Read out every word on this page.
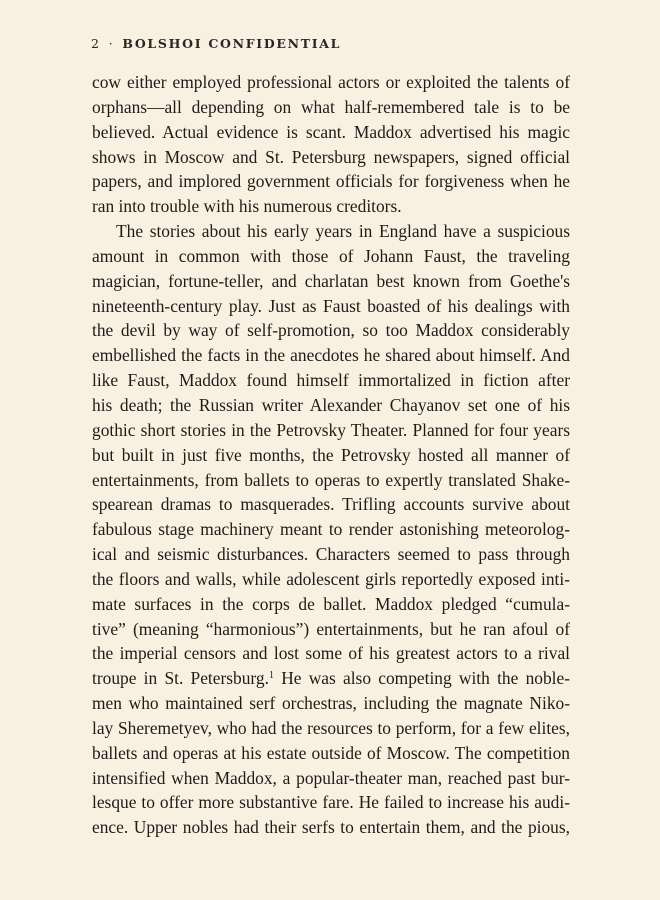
2 · BOLSHOI CONFIDENTIAL
cow either employed professional actors or exploited the talents of
orphans—all depending on what half-remembered tale is to be
believed. Actual evidence is scant. Maddox advertised his magic
shows in Moscow and St. Petersburg newspapers, signed official
papers, and implored government officials for forgiveness when he
ran into trouble with his numerous creditors.
The stories about his early years in England have a suspicious
amount in common with those of Johann Faust, the traveling
magician, fortune-teller, and charlatan best known from Goethe's
nineteenth-century play. Just as Faust boasted of his dealings with
the devil by way of self-promotion, so too Maddox considerably
embellished the facts in the anecdotes he shared about himself. And
like Faust, Maddox found himself immortalized in fiction after
his death; the Russian writer Alexander Chayanov set one of his
gothic short stories in the Petrovsky Theater. Planned for four years
but built in just five months, the Petrovsky hosted all manner of
entertainments, from ballets to operas to expertly translated Shake-
spearean dramas to masquerades. Trifling accounts survive about
fabulous stage machinery meant to render astonishing meteorolog-
ical and seismic disturbances. Characters seemed to pass through
the floors and walls, while adolescent girls reportedly exposed inti-
mate surfaces in the corps de ballet. Maddox pledged “cumula-
tive” (meaning “harmonious”) entertainments, but he ran afoul of
the imperial censors and lost some of his greatest actors to a rival
troupe in St. Petersburg.$^1$ He was also competing with the noble-
men who maintained serf orchestras, including the magnate Niko-
lay Sheremetyev, who had the resources to perform, for a few elites,
ballets and operas at his estate outside of Moscow. The competition
intensified when Maddox, a popular-theater man, reached past bur-
lesque to offer more substantive fare. He failed to increase his audi-
ence. Upper nobles had their serfs to entertain them, and the pious,
